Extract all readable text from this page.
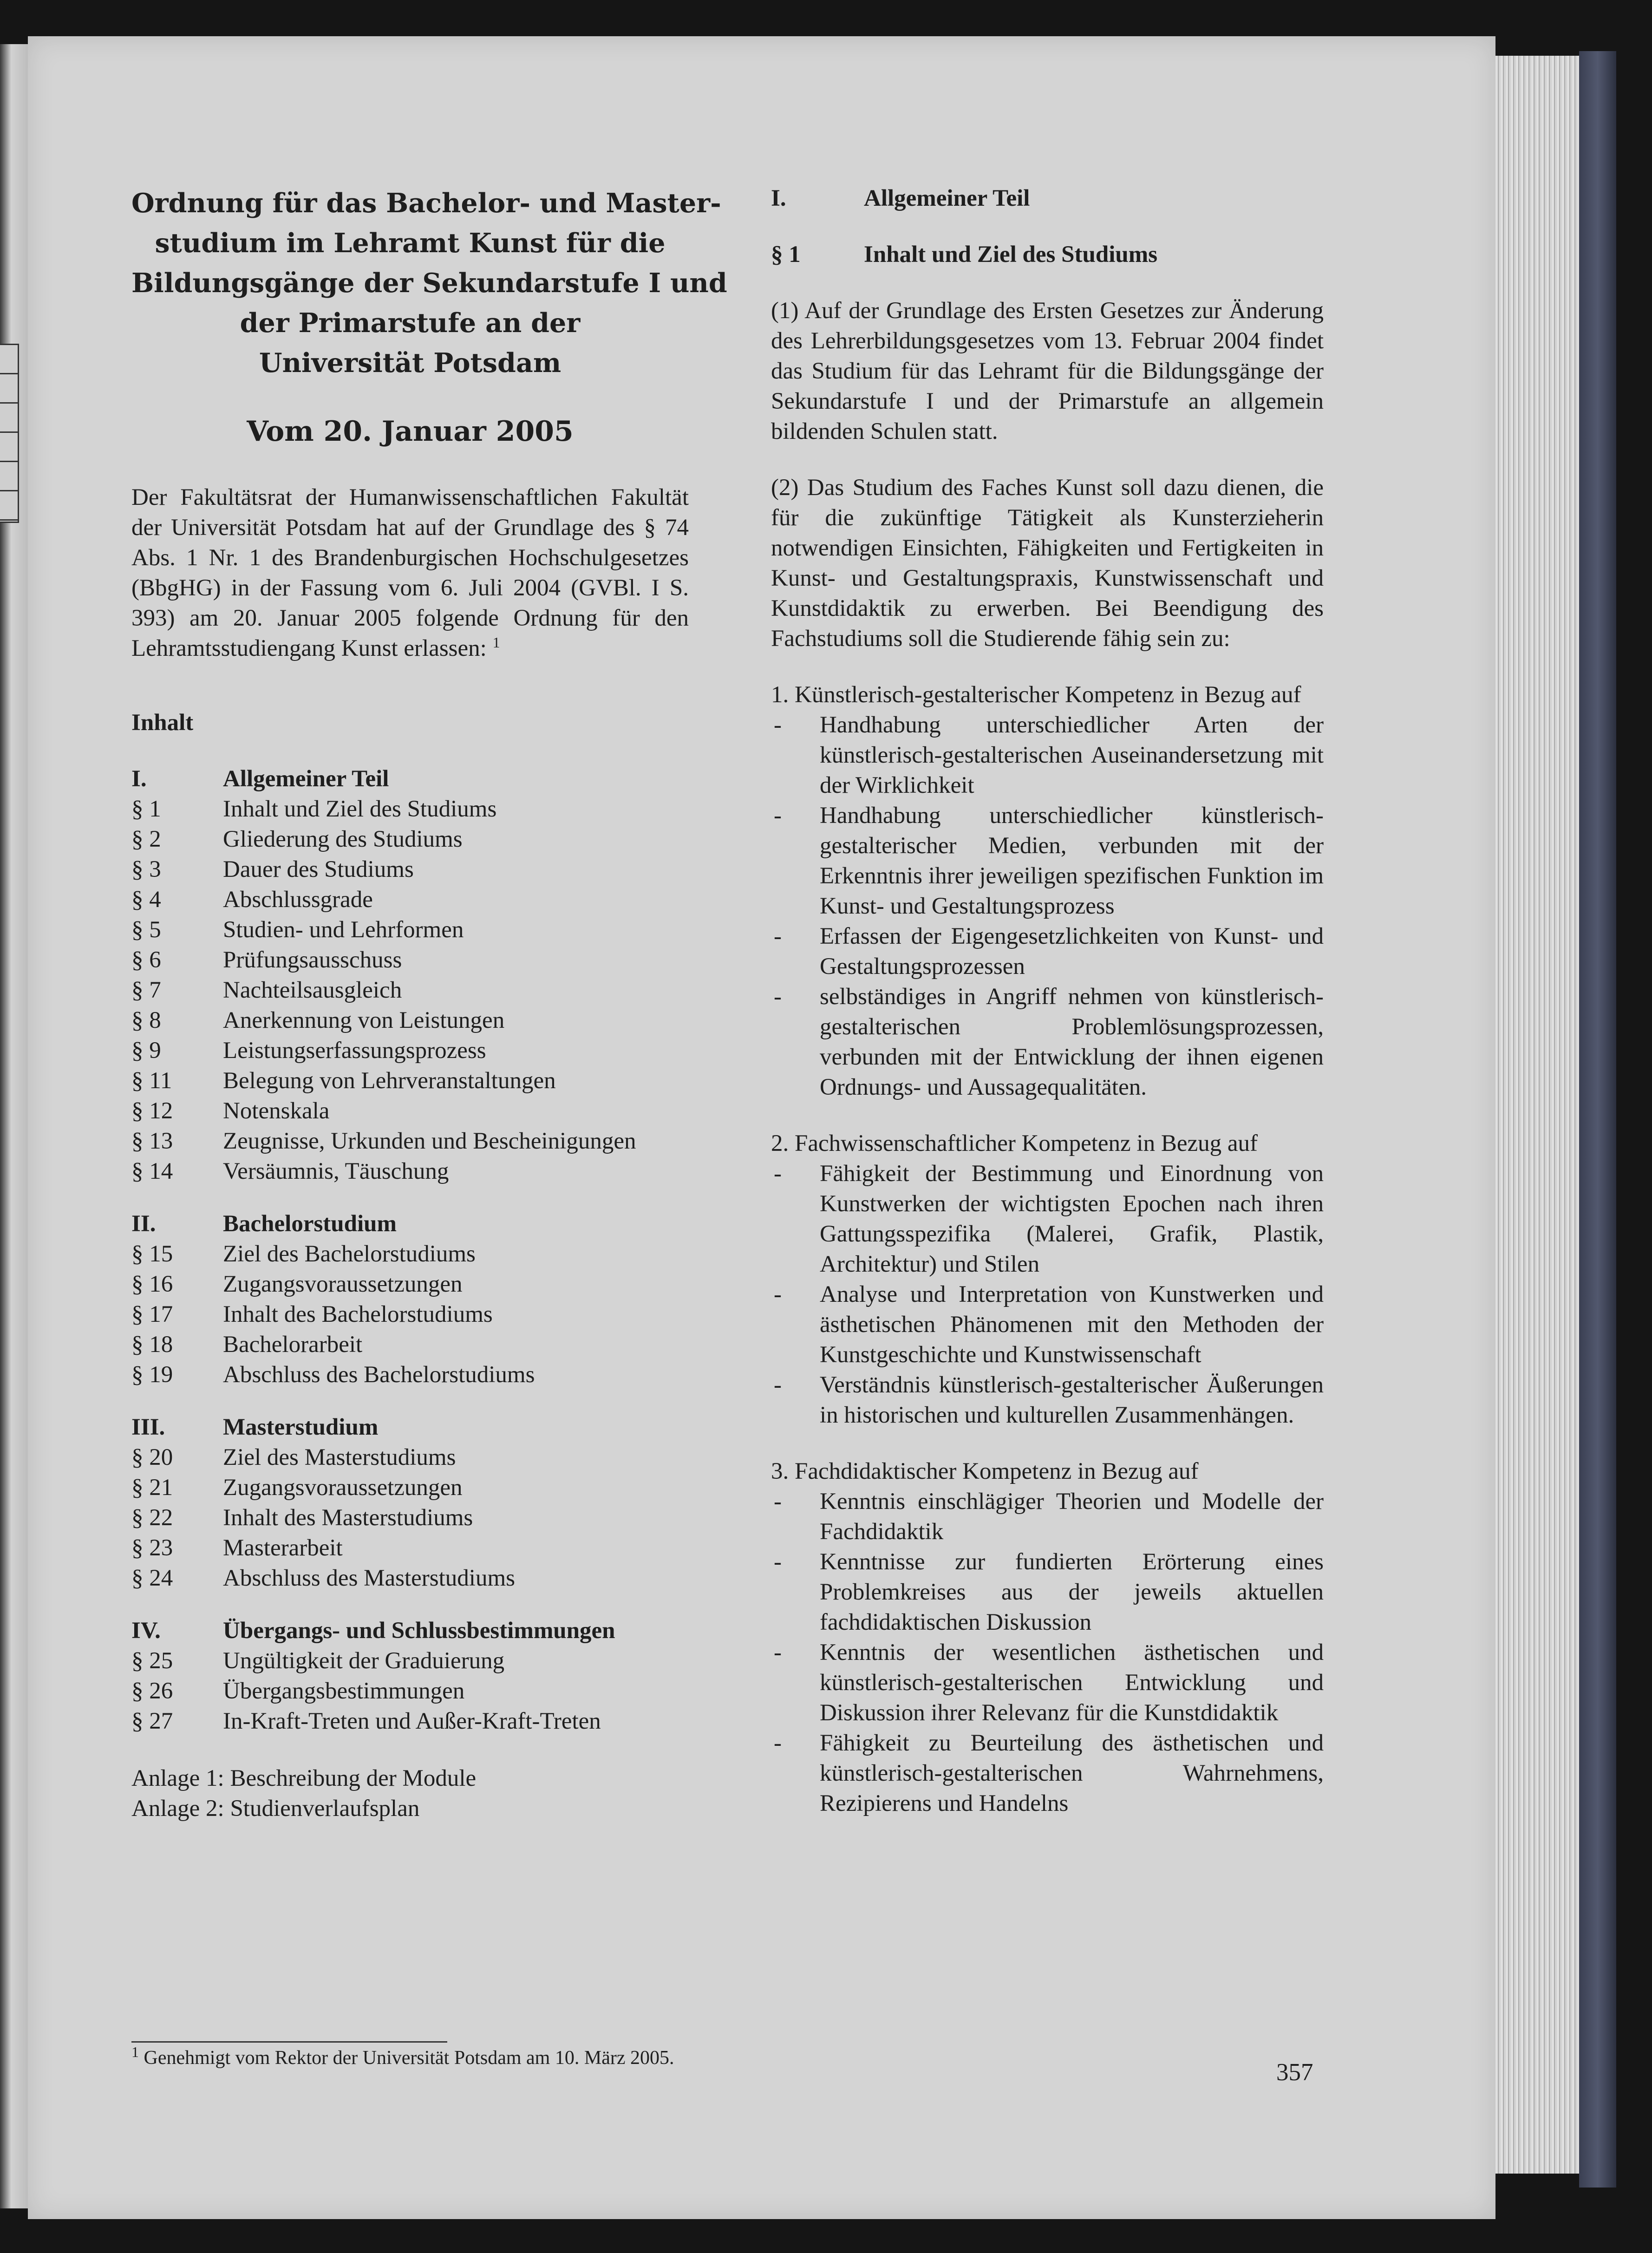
Ordnung für das Bachelor- und Master-
studium im Lehramt Kunst für die
Bildungsgänge der Sekundarstufe I und
der Primarstufe an der
Universität Potsdam
Vom 20. Januar 2005

Der Fakultätsrat der Humanwissenschaftlichen Fakultät der Universität Potsdam hat auf der Grundlage des § 74 Abs. 1 Nr. 1 des Brandenburgischen Hochschulgesetzes (BbgHG) in der Fassung vom 6. Juli 2004 (GVBl. I S. 393) am 20. Januar 2005 folgende Ordnung für den Lehramtsstudiengang Kunst erlassen: $^1$

Inhalt
I.	Allgemeiner Teil
§ 1	Inhalt und Ziel des Studiums
§ 2	Gliederung des Studiums
§ 3	Dauer des Studiums
§ 4	Abschlussgrade
§ 5	Studien- und Lehrformen
§ 6	Prüfungsausschuss
§ 7	Nachteilsausgleich
§ 8	Anerkennung von Leistungen
§ 9	Leistungserfassungsprozess
§ 11	Belegung von Lehrveranstaltungen
§ 12	Notenskala
§ 13	Zeugnisse, Urkunden und Bescheinigungen
§ 14	Versäumnis, Täuschung
II.	Bachelorstudium
§ 15	Ziel des Bachelorstudiums
§ 16	Zugangsvoraussetzungen
§ 17	Inhalt des Bachelorstudiums
§ 18	Bachelorarbeit
§ 19	Abschluss des Bachelorstudiums
III.	Masterstudium
§ 20	Ziel des Masterstudiums
§ 21	Zugangsvoraussetzungen
§ 22	Inhalt des Masterstudiums
§ 23	Masterarbeit
§ 24	Abschluss des Masterstudiums
IV.	Übergangs- und Schlussbestimmungen
§ 25	Ungültigkeit der Graduierung
§ 26	Übergangsbestimmungen
§ 27	In-Kraft-Treten und Außer-Kraft-Treten

Anlage 1: Beschreibung der Module

Anlage 2: Studienverlaufsplan

$^1$ Genehmigt vom Rektor der Universität Potsdam am 10. März 2005.
I.	Allgemeiner Teil
§ 1	Inhalt und Ziel des Studiums

(1) Auf der Grundlage des Ersten Gesetzes zur Änderung des Lehrerbildungsgesetzes vom 13. Februar 2004 findet das Studium für das Lehramt für die Bildungsgänge der Sekundarstufe I und der Primarstufe an allgemein bildenden Schulen statt.

(2) Das Studium des Faches Kunst soll dazu dienen, die für die zukünftige Tätigkeit als Kunsterzieherin notwendigen Einsichten, Fähigkeiten und Fertigkeiten in Kunst- und Gestaltungspraxis, Kunstwissenschaft und Kunstdidaktik zu erwerben. Bei Beendigung des Fachstudiums soll die Studierende fähig sein zu:

1. Künstlerisch-gestalterischer Kompetenz in Bezug auf

- Handhabung unterschiedlicher Arten der künstlerisch-gestalterischen Auseinandersetzung mit der Wirklichkeit
- Handhabung unterschiedlicher künstlerisch-gestalterischer Medien, verbunden mit der Erkenntnis ihrer jeweiligen spezifischen Funktion im Kunst- und Gestaltungsprozess
- Erfassen der Eigengesetzlichkeiten von Kunst- und Gestaltungsprozessen
- selbständiges in Angriff nehmen von künstlerisch-gestalterischen Problemlösungsprozessen, verbunden mit der Entwicklung der ihnen eigenen Ordnungs- und Aussagequalitäten.

2. Fachwissenschaftlicher Kompetenz in Bezug auf

- Fähigkeit der Bestimmung und Einordnung von Kunstwerken der wichtigsten Epochen nach ihren Gattungsspezifika (Malerei, Grafik, Plastik, Architektur) und Stilen
- Analyse und Interpretation von Kunstwerken und ästhetischen Phänomenen mit den Methoden der Kunstgeschichte und Kunstwissenschaft
- Verständnis künstlerisch-gestalterischer Äußerungen in historischen und kulturellen Zusammenhängen.

3. Fachdidaktischer Kompetenz in Bezug auf

- Kenntnis einschlägiger Theorien und Modelle der Fachdidaktik
- Kenntnisse zur fundierten Erörterung eines Problemkreises aus der jeweils aktuellen fachdidaktischen Diskussion
- Kenntnis der wesentlichen ästhetischen und künstlerisch-gestalterischen Entwicklung und Diskussion ihrer Relevanz für die Kunstdidaktik
- Fähigkeit zu Beurteilung des ästhetischen und künstlerisch-gestalterischen Wahrnehmens, Rezipierens und Handelns
357
